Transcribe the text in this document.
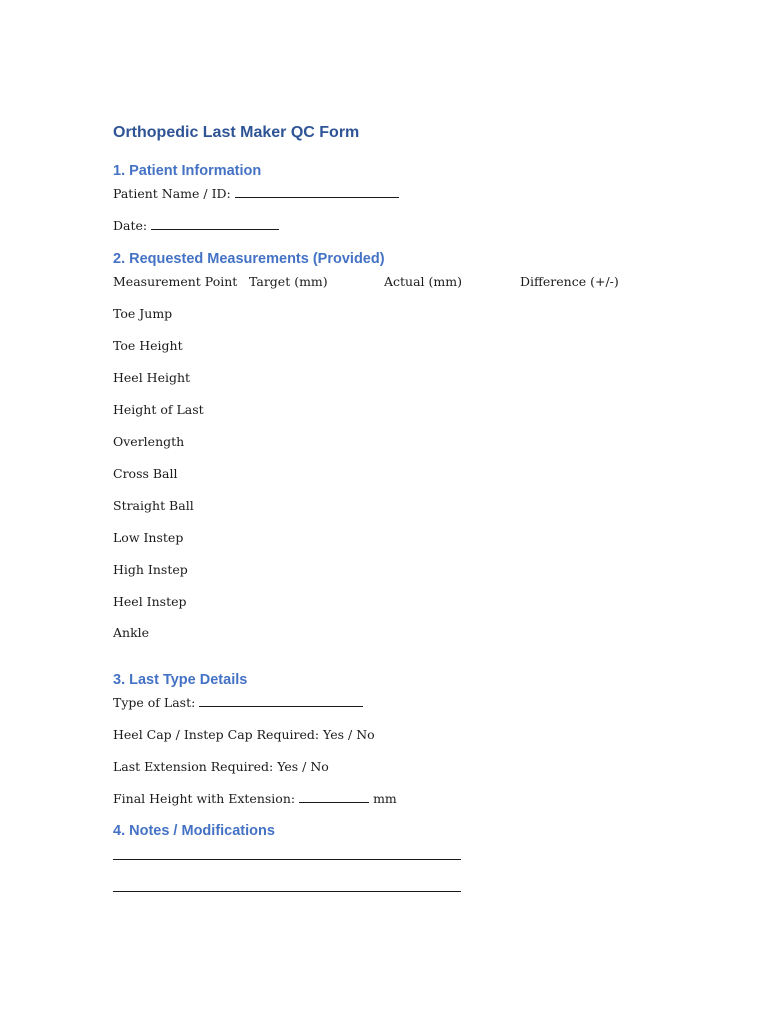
Orthopedic Last Maker QC Form
1. Patient Information
Patient Name / ID:
Date:
2. Requested Measurements (Provided)
Measurement Point Target (mm)	Actual (mm)	Difference (+/-)
Toe Jump
Toe Height
Heel Height
Height of Last
Overlength
Cross Ball
Straight Ball
Low Instep
High Instep
Heel Instep
Ankle
3. Last Type Details
Type of Last:
Heel Cap / Instep Cap Required: Yes / No
Last Extension Required: Yes / No
Final Height with Extension:	mm
4. Notes / Modifications
